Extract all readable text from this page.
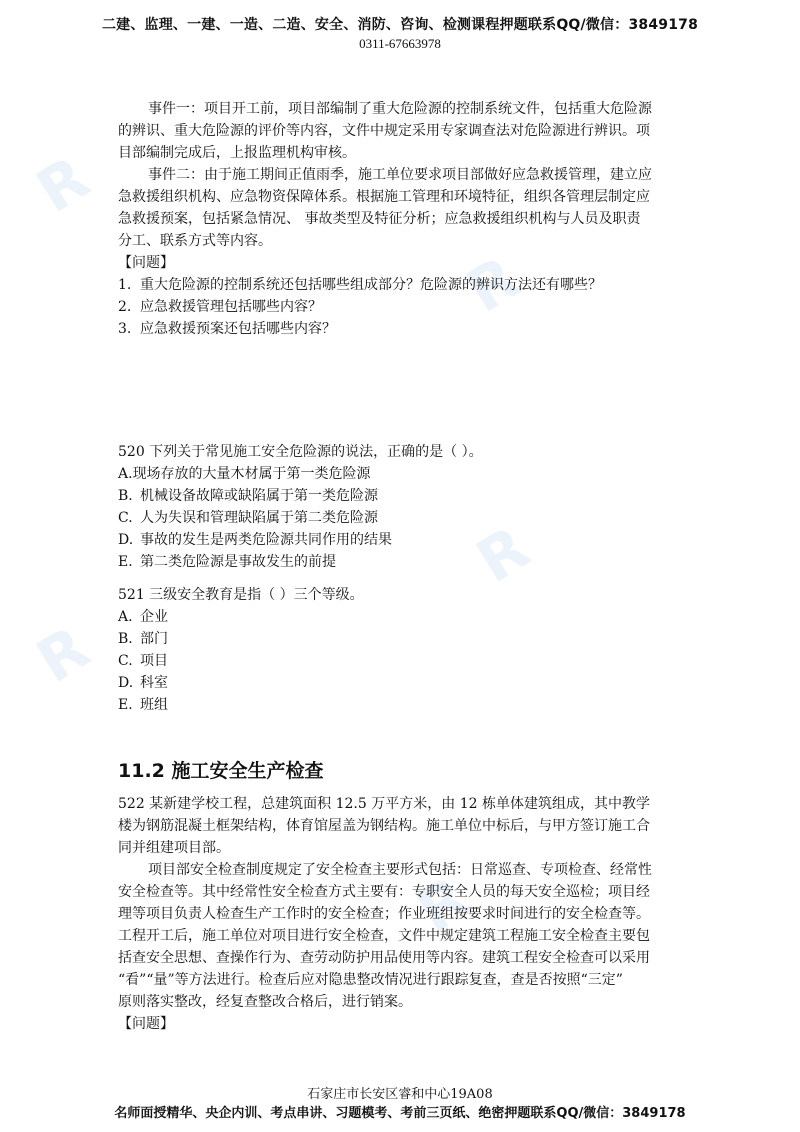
R
R
R
R
R
二建、监理、一建、一造、二造、安全、消防、咨询、检测课程押题联系QQ/微信：3849178
0311-67663978
事件一：项目开工前，项目部编制了重大危险源的控制系统文件，包括重大危险源
的辨识、重大危险源的评价等内容，文件中规定采用专家调查法对危险源进行辨识。项
目部编制完成后，上报监理机构审核。
事件二：由于施工期间正值雨季，施工单位要求项目部做好应急救援管理，建立应
急救援组织机构、应急物资保障体系。根据施工管理和环境特征，组织各管理层制定应
急救援预案，包括紧急情况、 事故类型及特征分析；应急救援组织机构与人员及职责
分工、联系方式等内容。
【问题】
1. 重大危险源的控制系统还包括哪些组成部分？危险源的辨识方法还有哪些？
2. 应急救援管理包括哪些内容？
3. 应急救援预案还包括哪些内容？
520 下列关于常见施工安全危险源的说法，正确的是（ ）。
A.现场存放的大量木材属于第一类危险源
B. 机械设备故障或缺陷属于第一类危险源
C. 人为失误和管理缺陷属于第二类危险源
D. 事故的发生是两类危险源共同作用的结果
E. 第二类危险源是事故发生的前提
521 三级安全教育是指（ ）三个等级。
A. 企业
B. 部门
C. 项目
D. 科室
E. 班组
11.2 施工安全生产检查
522 某新建学校工程，总建筑面积 12.5 万平方米，由 12 栋单体建筑组成，其中教学
楼为钢筋混凝土框架结构，体育馆屋盖为钢结构。施工单位中标后，与甲方签订施工合
同并组建项目部。
项目部安全检查制度规定了安全检查主要形式包括：日常巡查、专项检查、经常性
安全检查等。其中经常性安全检查方式主要有：专职安全人员的每天安全巡检；项目经
理等项目负责人检查生产工作时的安全检查；作业班组按要求时间进行的安全检查等。
工程开工后，施工单位对项目进行安全检查，文件中规定建筑工程施工安全检查主要包
括查安全思想、查操作行为、查劳动防护用品使用等内容。建筑工程安全检查可以采用
“看”“量”等方法进行。检查后应对隐患整改情况进行跟踪复查，查是否按照“三定”
原则落实整改，经复查整改合格后，进行销案。
【问题】
石家庄市长安区睿和中心19A08
名师面授精华、央企内训、考点串讲、习题模考、考前三页纸、绝密押题联系QQ/微信：3849178
